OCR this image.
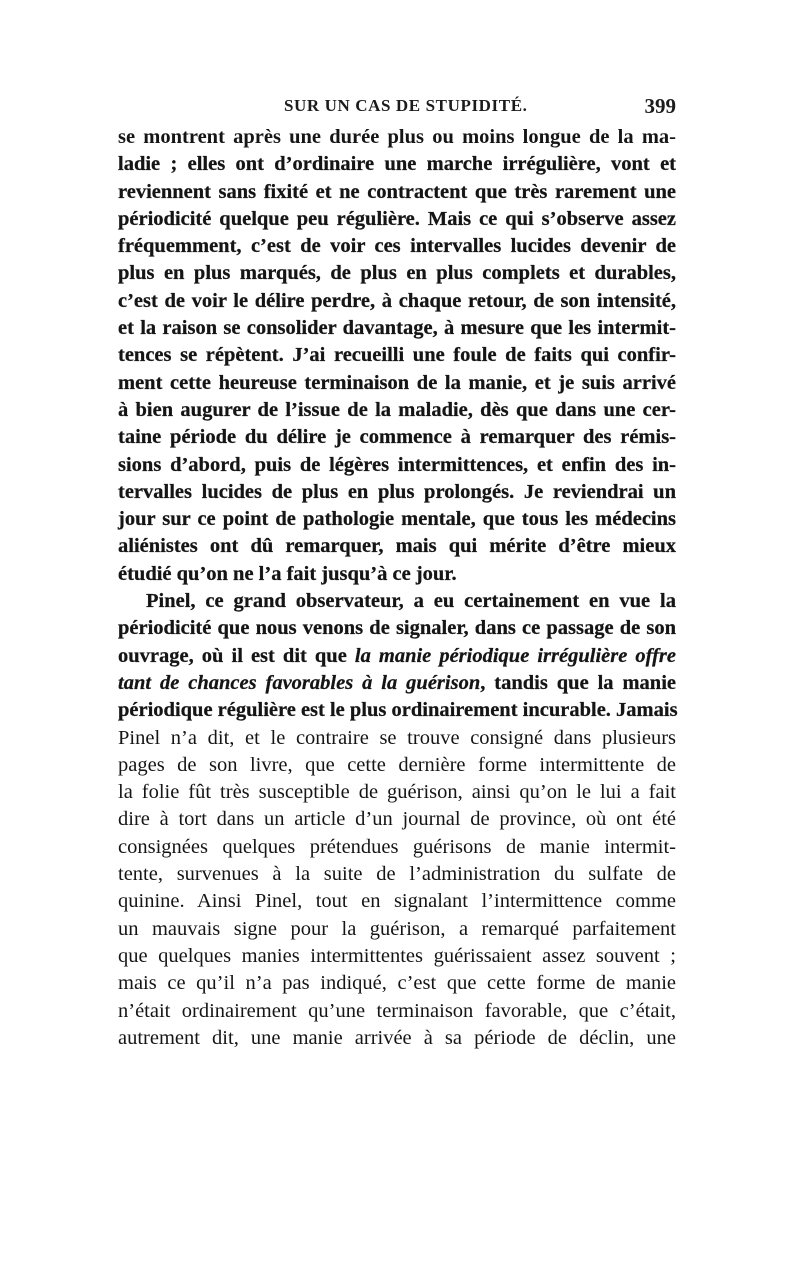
SUR UN CAS DE STUPIDITÉ.	399
se montrent après une durée plus ou moins longue de la ma-
ladie ; elles ont d’ordinaire une marche irrégulière, vont et
reviennent sans fixité et ne contractent que très rarement une
périodicité quelque peu régulière. Mais ce qui s’observe assez
fréquemment, c’est de voir ces intervalles lucides devenir de
plus en plus marqués, de plus en plus complets et durables,
c’est de voir le délire perdre, à chaque retour, de son intensité,
et la raison se consolider davantage, à mesure que les intermit-
tences se répètent. J’ai recueilli une foule de faits qui confir-
ment cette heureuse terminaison de la manie, et je suis arrivé
à bien augurer de l’issue de la maladie, dès que dans une cer-
taine période du délire je commence à remarquer des rémis-
sions d’abord, puis de légères intermittences, et enfin des in-
tervalles lucides de plus en plus prolongés. Je reviendrai un
jour sur ce point de pathologie mentale, que tous les médecins
aliénistes ont dû remarquer, mais qui mérite d’être mieux
étudié qu’on ne l’a fait jusqu’à ce jour.
Pinel, ce grand observateur, a eu certainement en vue la
périodicité que nous venons de signaler, dans ce passage de son
ouvrage, où il est dit que la manie périodique irrégulière offre
tant de chances favorables à la guérison, tandis que la manie
périodique régulière est le plus ordinairement incurable. Jamais
Pinel n’a dit, et le contraire se trouve consigné dans plusieurs
pages de son livre, que cette dernière forme intermittente de
la folie fût très susceptible de guérison, ainsi qu’on le lui a fait
dire à tort dans un article d’un journal de province, où ont été
consignées quelques prétendues guérisons de manie intermit-
tente, survenues à la suite de l’administration du sulfate de
quinine. Ainsi Pinel, tout en signalant l’intermittence comme
un mauvais signe pour la guérison, a remarqué parfaitement
que quelques manies intermittentes guérissaient assez souvent ;
mais ce qu’il n’a pas indiqué, c’est que cette forme de manie
n’était ordinairement qu’une terminaison favorable, que c’était,
autrement dit, une manie arrivée à sa période de déclin, une
